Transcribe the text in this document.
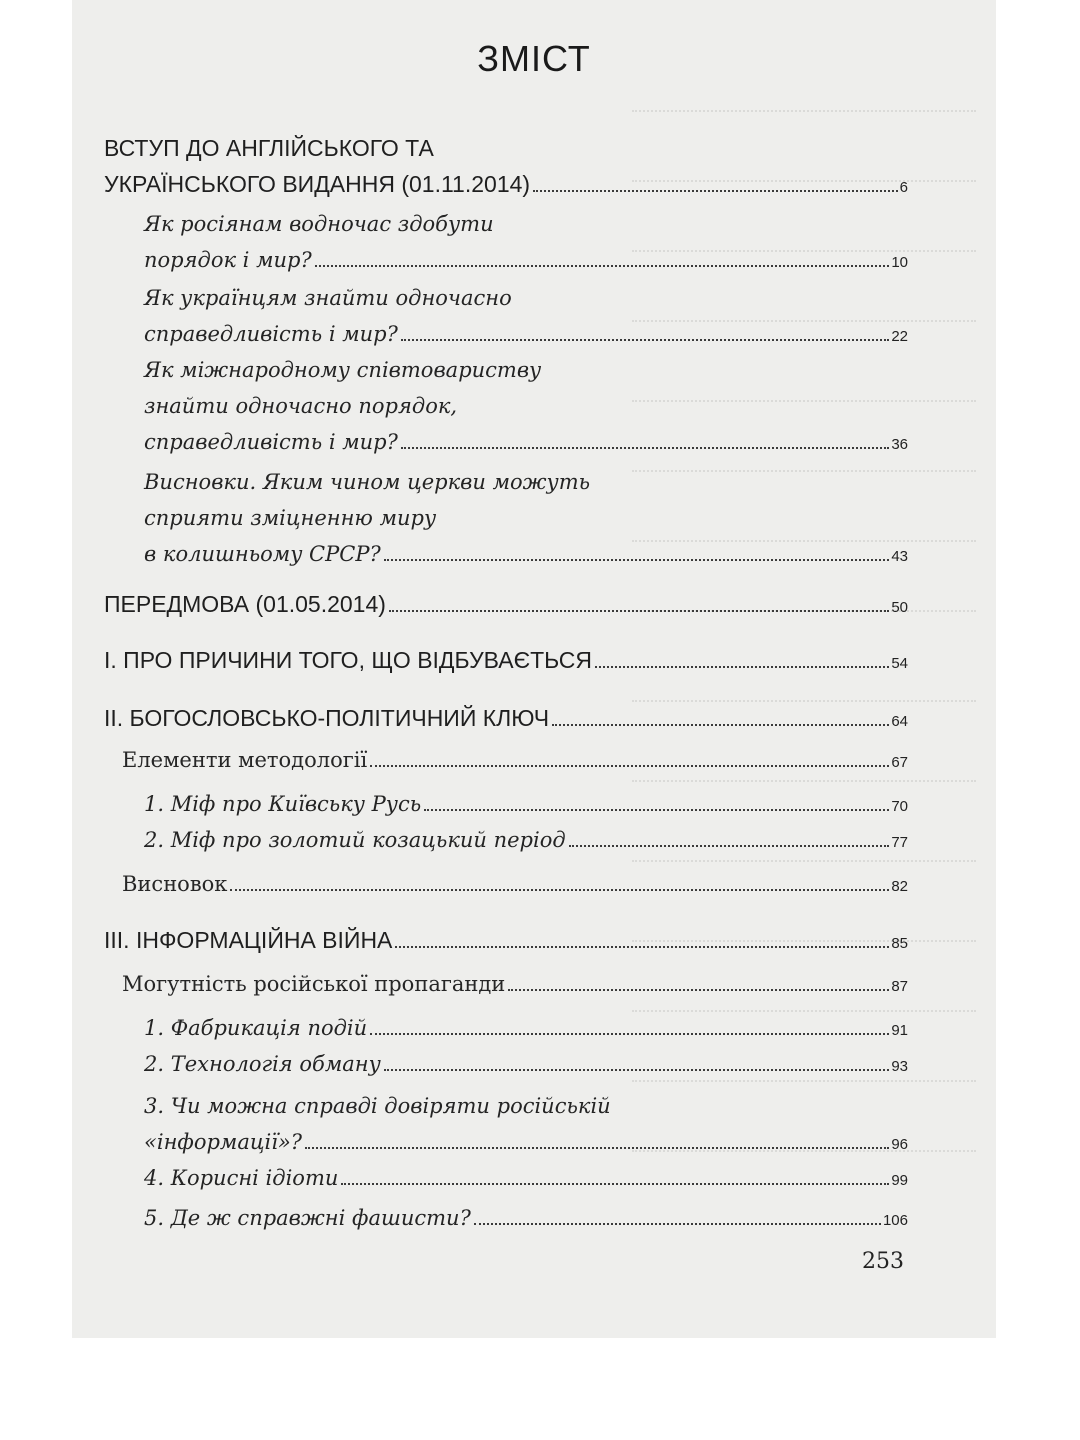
ЗМІСТ
ВСТУП ДО АНГЛІЙСЬКОГО ТА
УКРАЇНСЬКОГО ВИДАННЯ (01.11.2014)	6
Як росіянам водночас здобути
порядок і мир?	10
Як українцям знайти одночасно
справедливість і мир?	22
Як міжнародному співтовариству
знайти одночасно порядок,
справедливість і мир?	36
Висновки. Яким чином церкви можуть
сприяти зміцненню миру
в колишньому СРСР?	43
ПЕРЕДМОВА (01.05.2014)	50
I. ПРО ПРИЧИНИ ТОГО, ЩО ВІДБУВАЄТЬСЯ	54
II. БОГОСЛОВСЬКО-ПОЛІТИЧНИЙ КЛЮЧ	64
Елементи методології	67
1. Міф про Київську Русь	70
2. Міф про золотий козацький період	77
Висновок	82
III. ІНФОРМАЦІЙНА ВІЙНА	85
Могутність російської пропаганди	87
1. Фабрикація подій	91
2. Технологія обману	93
3. Чи можна справді довіряти російській
«інформації»?	96
4. Корисні ідіоти	99
5. Де ж справжні фашисти?	106
253
